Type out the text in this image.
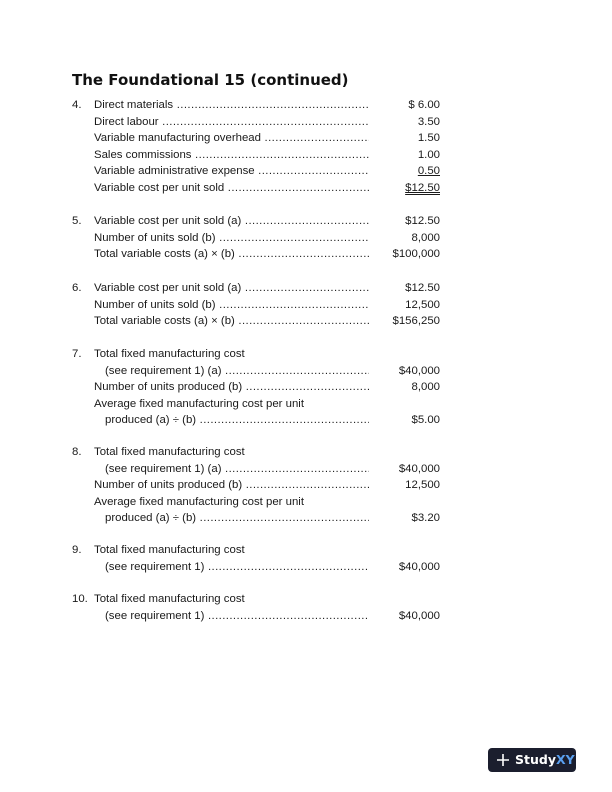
The Foundational 15 (continued)
4. Direct materials .....	$ 6.00
Direct labour .....	3.50
Variable manufacturing overhead .....	1.50
Sales commissions .....	1.00
Variable administrative expense .....	0.50
Variable cost per unit sold .....	$12.50
5. Variable cost per unit sold (a) .....	$12.50
Number of units sold (b) .....	8,000
Total variable costs (a) × (b) .....	$100,000
6. Variable cost per unit sold (a) .....	$12.50
Number of units sold (b) .....	12,500
Total variable costs (a) × (b) .....	$156,250
7. Total fixed manufacturing cost
(see requirement 1) (a) .....	$40,000
Number of units produced (b) .....	8,000
Average fixed manufacturing cost per unit
produced (a) ÷ (b) .....	$5.00
8. Total fixed manufacturing cost
(see requirement 1) (a) .....	$40,000
Number of units produced (b) .....	12,500
Average fixed manufacturing cost per unit
produced (a) ÷ (b) .....	$3.20
9. Total fixed manufacturing cost
(see requirement 1) .....	$40,000
10. Total fixed manufacturing cost
(see requirement 1) .....	$40,000
StudyXY
